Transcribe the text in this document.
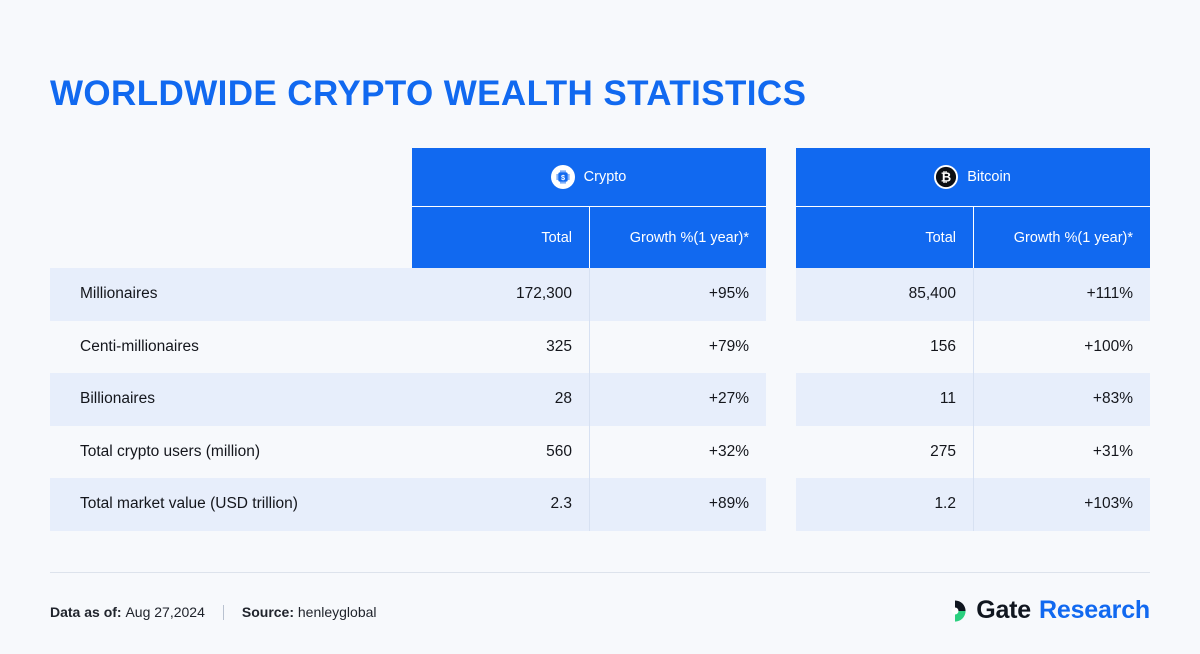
WORLDWIDE CRYPTO WEALTH STATISTICS

$ Crypto			₿ Bitcoin	

	Total	Growth %(1 year)*		Total	Growth %(1 year)*
Millionaires	172,300	+95%		85,400	+111%
Centi-millionaires	325	+79%		156	+100%
Billionaires	28	+27%		11	+83%
Total crypto users (million)	560	+32%		275	+31%
Total market value (USD trillion)	2.3	+89%		1.2	+103%
Data as of:
Aug 27,2024	Source:
henleyglobal	Gate Research
